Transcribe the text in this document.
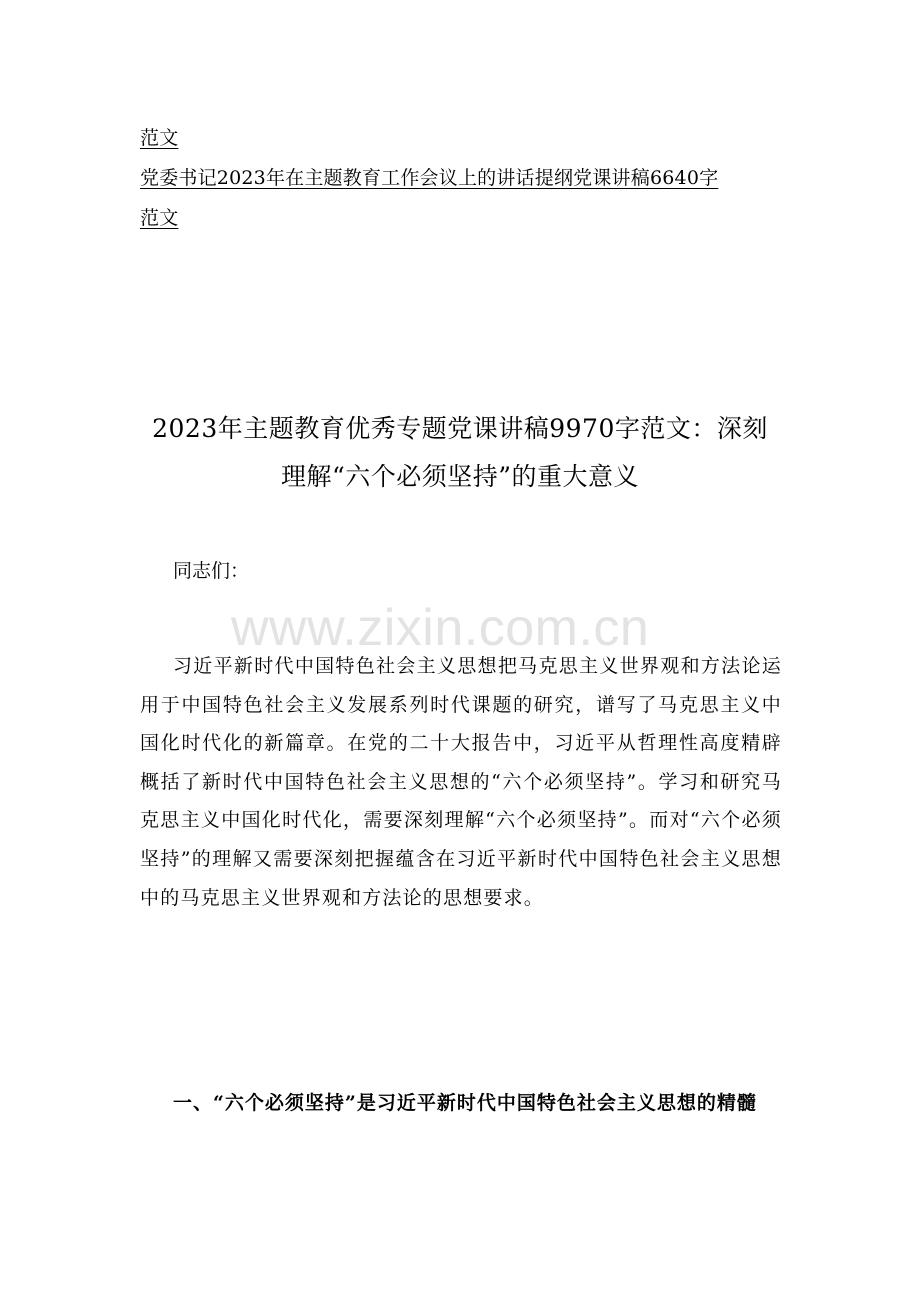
范文
党委书记2023年在主题教育工作会议上的讲话提纲党课讲稿6640字
范文
2023年主题教育优秀专题党课讲稿9970字范文：深刻理解“六个必须坚持”的重大意义

同志们：

www.zixin.com.cn

习近平新时代中国特色社会主义思想把马克思主义世界观和方法论运用于中国特色社会主义发展系列时代课题的研究，谱写了马克思主义中国化时代化的新篇章。在党的二十大报告中，习近平从哲理性高度精辟概括了新时代中国特色社会主义思想的“六个必须坚持”。学习和研究马克思主义中国化时代化，需要深刻理解“六个必须坚持”。而对“六个必须坚持”的理解又需要深刻把握蕴含在习近平新时代中国特色社会主义思想中的马克思主义世界观和方法论的思想要求。

一、“六个必须坚持”是习近平新时代中国特色社会主义思想的精髓
